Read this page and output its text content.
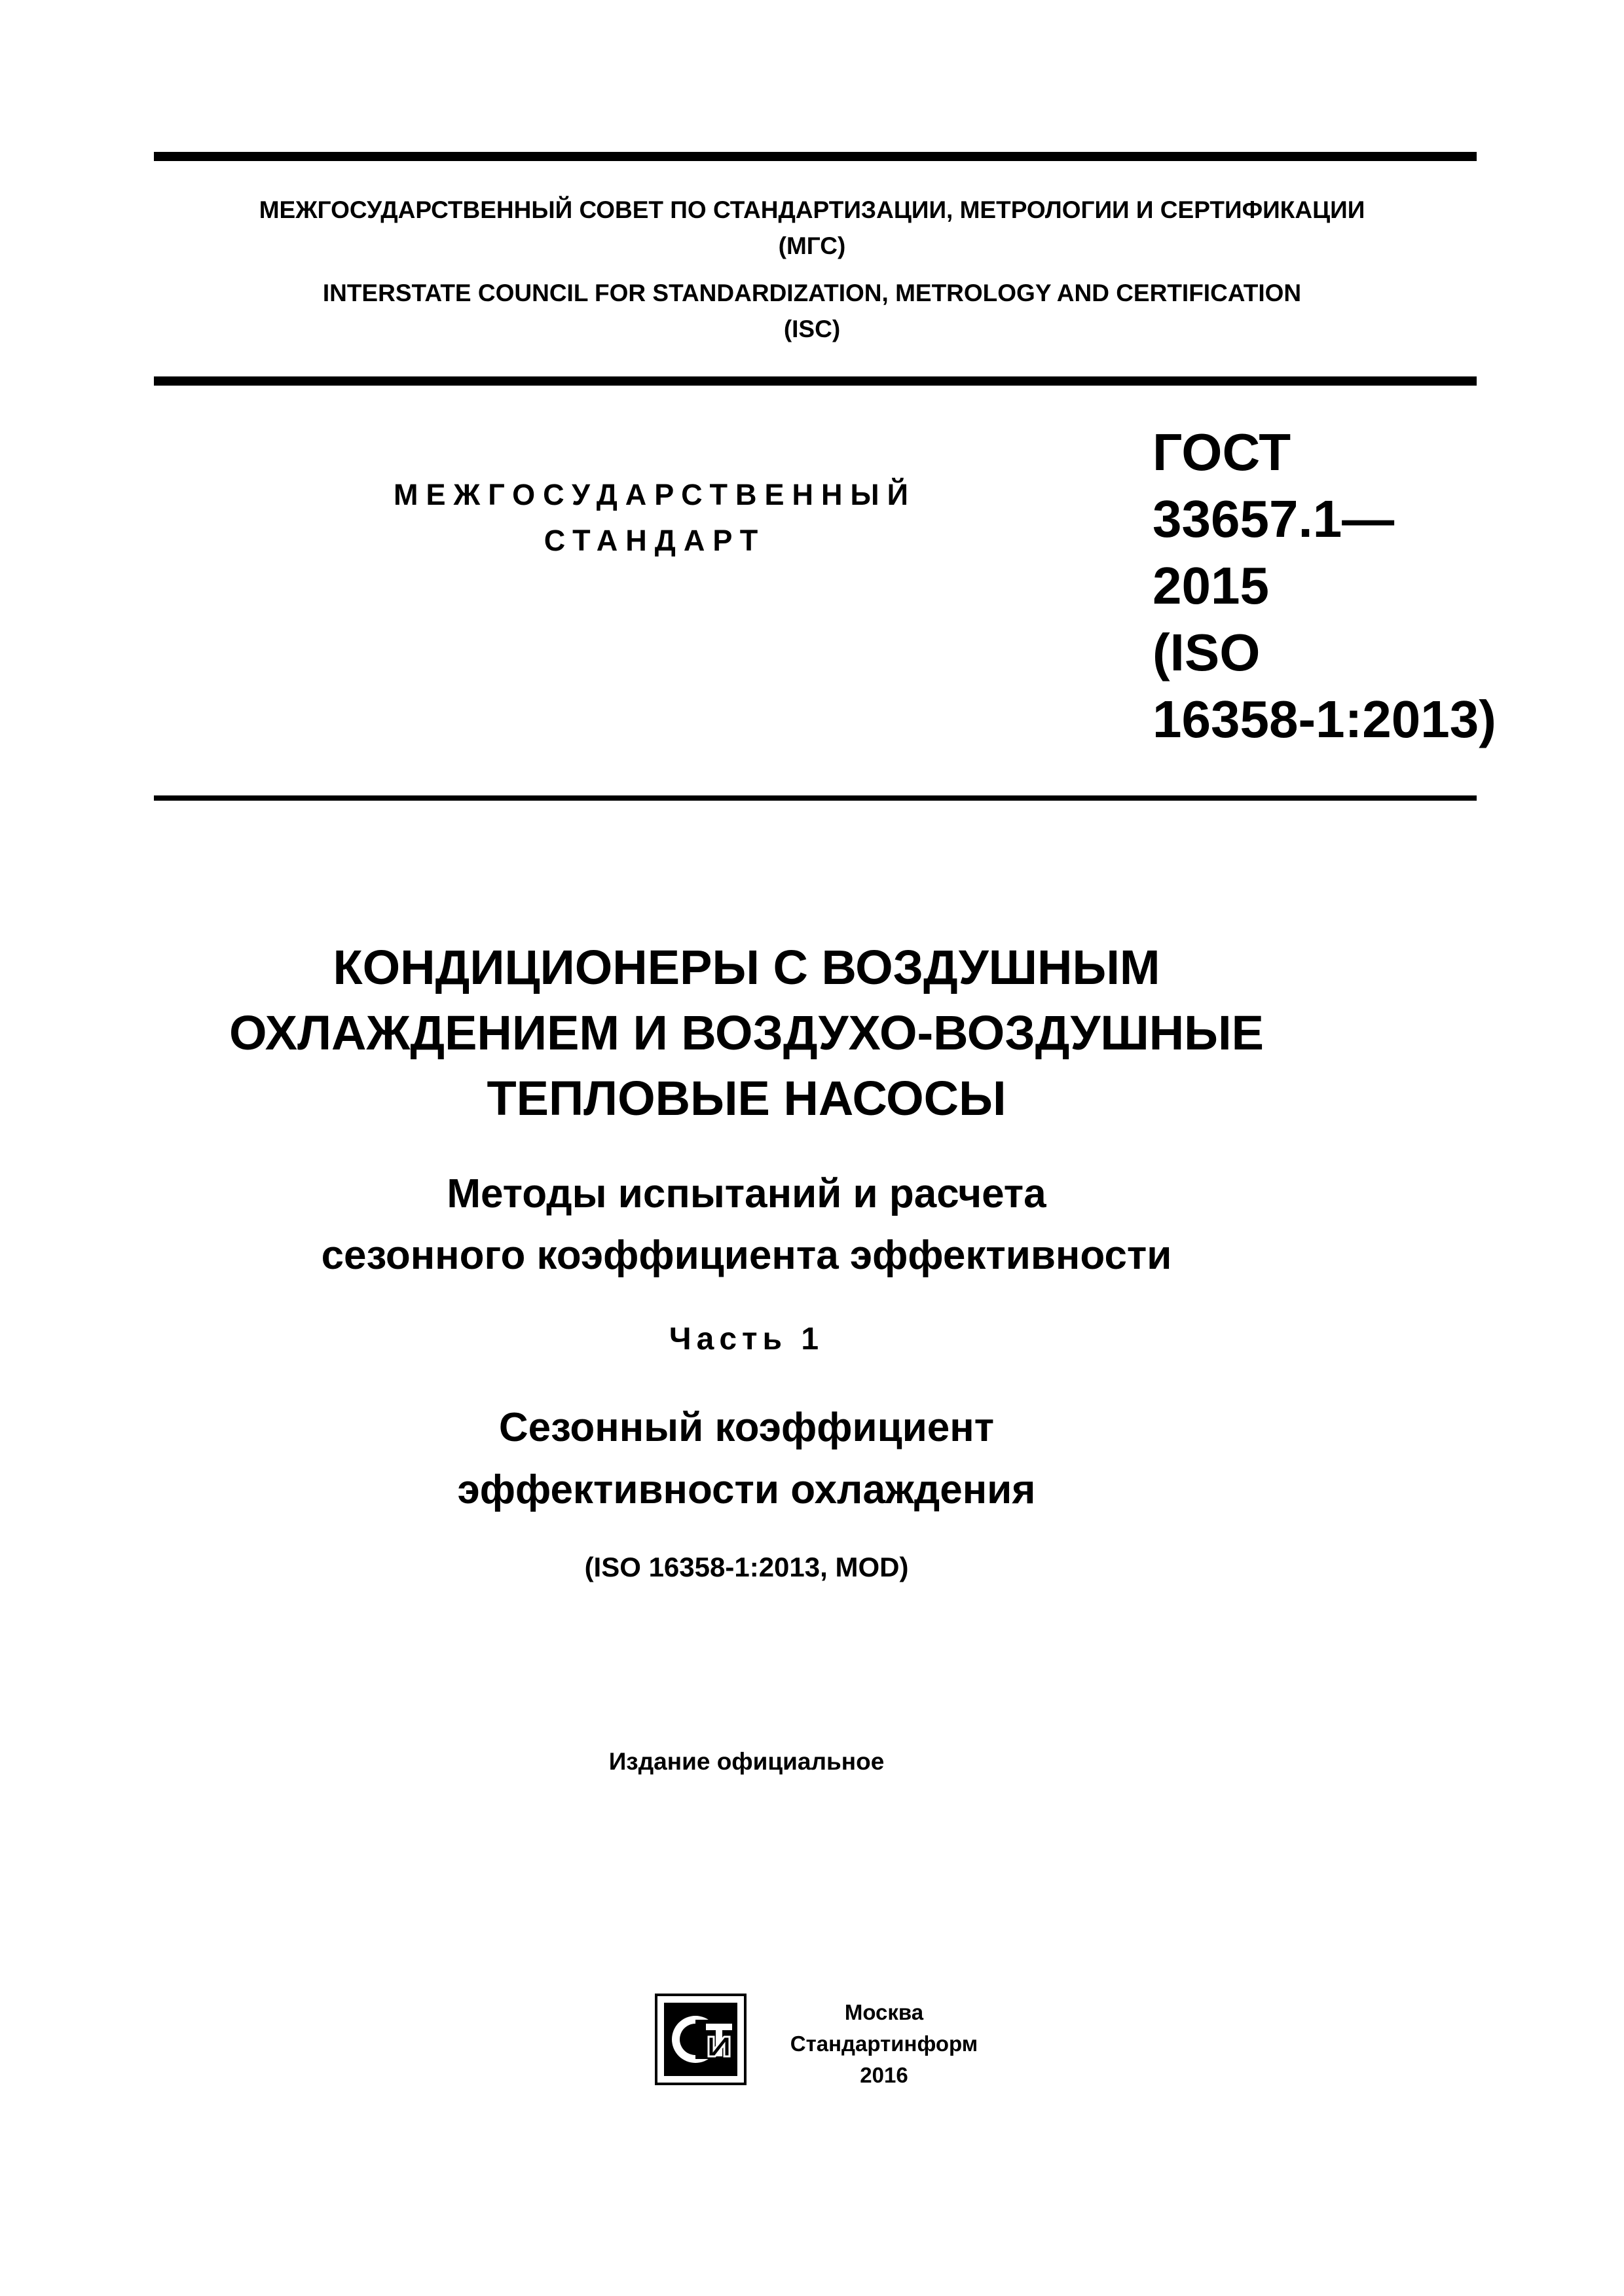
МЕЖГОСУДАРСТВЕННЫЙ СОВЕТ ПО СТАНДАРТИЗАЦИИ, МЕТРОЛОГИИ И СЕРТИФИКАЦИИ
(МГС)
INTERSTATE COUNCIL FOR STANDARDIZATION, METROLOGY AND CERTIFICATION
(ISC)
МЕЖГОСУДАРСТВЕННЫЙ
СТАНДАРТ
ГОСТ
33657.1—
2015
(ISO
16358-1:2013)
КОНДИЦИОНЕРЫ С ВОЗДУШНЫМ
ОХЛАЖДЕНИЕМ И ВОЗДУХО-ВОЗДУШНЫЕ
ТЕПЛОВЫЕ НАСОСЫ
Методы испытаний и расчета
сезонного коэффициента эффективности
Часть 1
Сезонный коэффициент
эффективности охлаждения
(ISO 16358-1:2013, MOD)
Издание официальное
Москва
Стандартинформ
2016
